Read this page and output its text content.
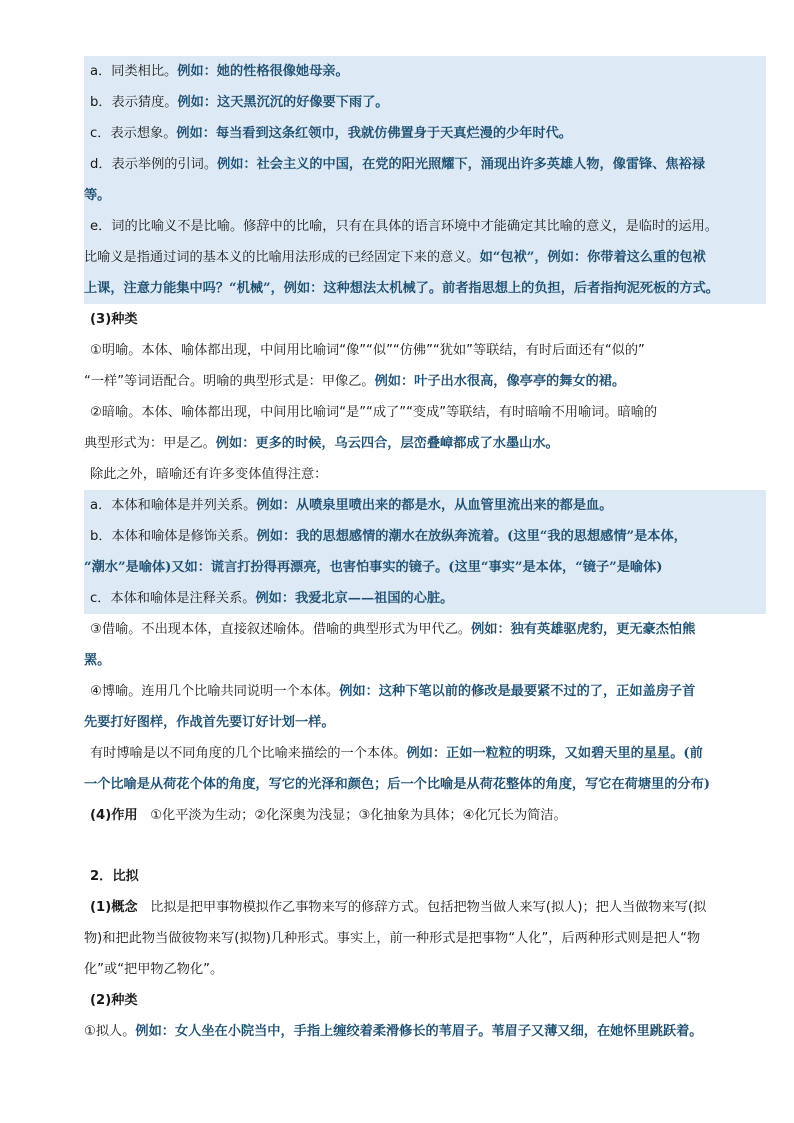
a．同类相比。例如：她的性格很像她母亲。

b．表示猜度。例如：这天黑沉沉的好像要下雨了。

c．表示想象。例如：每当看到这条红领巾，我就仿佛置身于天真烂漫的少年时代。

d．表示举例的引词。例如：社会主义的中国，在党的阳光照耀下，涌现出许多英雄人物，像雷锋、焦裕禄

等。

e．词的比喻义不是比喻。修辞中的比喻，只有在具体的语言环境中才能确定其比喻的意义，是临时的运用。

比喻义是指通过词的基本义的比喻用法形成的已经固定下来的意义。如“包袱”，例如：你带着这么重的包袱

上课，注意力能集中吗？“机械”，例如：这种想法太机械了。前者指思想上的负担，后者指拘泥死板的方式。

(3)种类

①明喻。本体、喻体都出现，中间用比喻词“像”“似”“仿佛”“犹如”等联结，有时后面还有“似的”

“一样”等词语配合。明喻的典型形式是：甲像乙。例如：叶子出水很高，像亭亭的舞女的裙。

②暗喻。本体、喻体都出现，中间用比喻词“是”“成了”“变成”等联结，有时暗喻不用喻词。暗喻的

典型形式为：甲是乙。例如：更多的时候，乌云四合，层峦叠嶂都成了水墨山水。

除此之外，暗喻还有许多变体值得注意：

a．本体和喻体是并列关系。例如：从喷泉里喷出来的都是水，从血管里流出来的都是血。

b．本体和喻体是修饰关系。例如：我的思想感情的潮水在放纵奔流着。(这里“我的思想感情”是本体，

“潮水”是喻体)又如：谎言打扮得再漂亮，也害怕事实的镜子。(这里“事实”是本体，“镜子”是喻体)

c．本体和喻体是注释关系。例如：我爱北京——祖国的心脏。

③借喻。不出现本体，直接叙述喻体。借喻的典型形式为甲代乙。例如：独有英雄驱虎豹，更无豪杰怕熊

罴。

④博喻。连用几个比喻共同说明一个本体。例如：这种下笔以前的修改是最要紧不过的了，正如盖房子首

先要打好图样，作战首先要订好计划一样。

有时博喻是以不同角度的几个比喻来描绘的一个本体。例如：正如一粒粒的明珠，又如碧天里的星星。(前

一个比喻是从荷花个体的角度，写它的光泽和颜色；后一个比喻是从荷花整体的角度，写它在荷塘里的分布)

(4)作用 ①化平淡为生动；②化深奥为浅显；③化抽象为具体；④化冗长为简洁。

2．比拟

(1)概念 比拟是把甲事物模拟作乙事物来写的修辞方式。包括把物当做人来写(拟人)；把人当做物来写(拟

物)和把此物当做彼物来写(拟物)几种形式。事实上，前一种形式是把事物“人化”，后两种形式则是把人“物

化”或“把甲物乙物化”。

(2)种类

①拟人。例如：女人坐在小院当中，手指上缠绞着柔滑修长的苇眉子。苇眉子又薄又细，在她怀里跳跃着。
